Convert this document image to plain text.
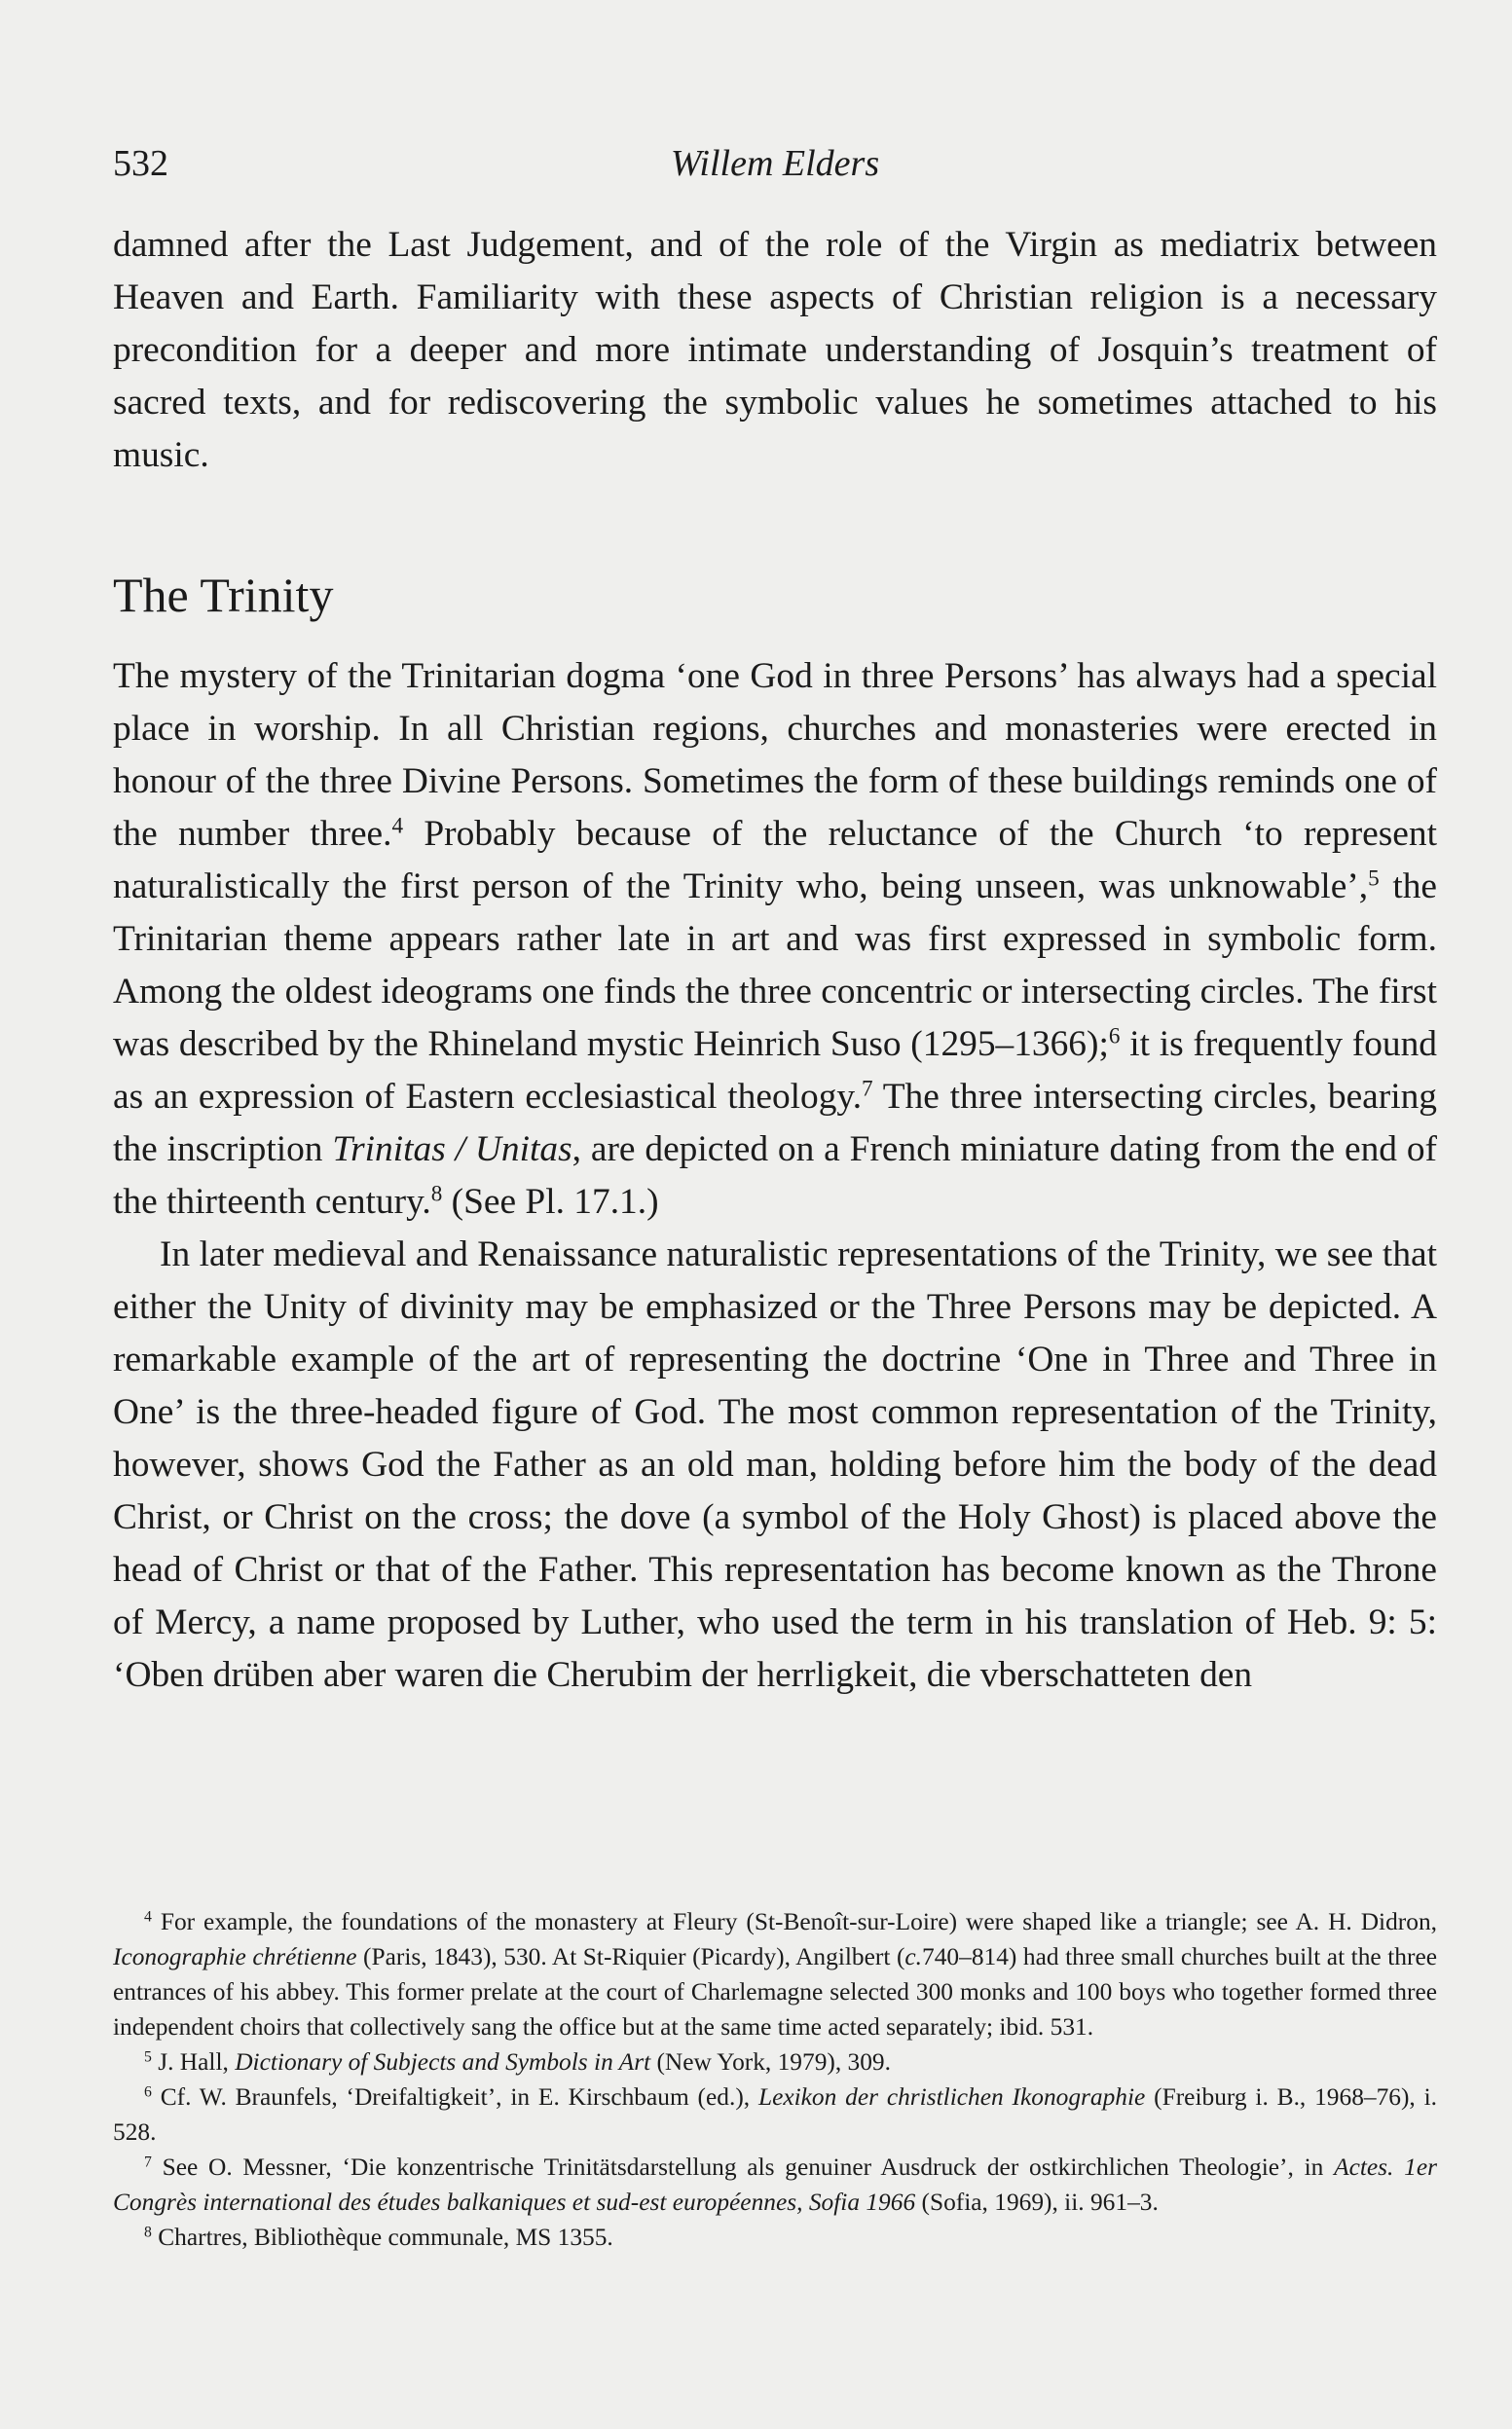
532	Willem Elders

damned after the Last Judgement, and of the role of the Virgin as mediatrix between Heaven and Earth. Familiarity with these aspects of Christian religion is a necessary precondition for a deeper and more intimate understanding of Josquin’s treatment of sacred texts, and for rediscovering the symbolic values he sometimes attached to his music.

The Trinity

The mystery of the Trinitarian dogma ‘one God in three Persons’ has always had a special place in worship. In all Christian regions, churches and monasteries were erected in honour of the three Divine Persons. Sometimes the form of these buildings reminds one of the number three.$^4$ Probably because of the reluctance of the Church ‘to represent naturalistically the first person of the Trinity who, being unseen, was unknowable’,$^5$ the Trinitarian theme appears rather late in art and was first expressed in symbolic form. Among the oldest ideograms one finds the three concentric or intersecting circles. The first was described by the Rhineland mystic Heinrich Suso (1295–1366);$^6$ it is frequently found as an expression of Eastern ecclesiastical theology.$^7$ The three intersecting circles, bearing the inscription Trinitas / Unitas, are depicted on a French miniature dating from the end of the thirteenth century.$^8$ (See Pl. 17.1.)

In later medieval and Renaissance naturalistic representations of the Trinity, we see that either the Unity of divinity may be emphasized or the Three Persons may be depicted. A remarkable example of the art of representing the doctrine ‘One in Three and Three in One’ is the three-headed figure of God. The most common representation of the Trinity, however, shows God the Father as an old man, holding before him the body of the dead Christ, or Christ on the cross; the dove (a symbol of the Holy Ghost) is placed above the head of Christ or that of the Father. This representation has become known as the Throne of Mercy, a name proposed by Luther, who used the term in his translation of Heb. 9: 5: ‘Oben drüben aber waren die Cherubim der herrligkeit, die vberschatteten den

$^4$ For example, the foundations of the monastery at Fleury (St-Benoît-sur-Loire) were shaped like a triangle; see A. H. Didron, Iconographie chrétienne (Paris, 1843), 530. At St-Riquier (Picardy), Angilbert (c.740–814) had three small churches built at the three entrances of his abbey. This former prelate at the court of Charlemagne selected 300 monks and 100 boys who together formed three independent choirs that collectively sang the office but at the same time acted separately; ibid. 531.

$^5$ J. Hall, Dictionary of Subjects and Symbols in Art (New York, 1979), 309.

$^6$ Cf. W. Braunfels, ‘Dreifaltigkeit’, in E. Kirschbaum (ed.), Lexikon der christlichen Ikonographie (Freiburg i. B., 1968–76), i. 528.

$^7$ See O. Messner, ‘Die konzentrische Trinitätsdarstellung als genuiner Ausdruck der ostkirchlichen Theologie’, in Actes. 1er Congrès international des études balkaniques et sud-est européennes, Sofia 1966 (Sofia, 1969), ii. 961–3.

$^8$ Chartres, Bibliothèque communale, MS 1355.
